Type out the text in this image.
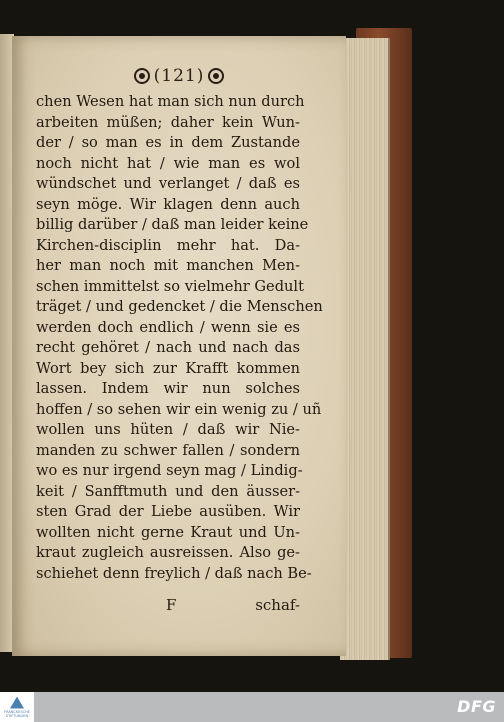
(121)
chen Wesen hat man sich nun durch
arbeiten müßen; daher kein Wun-
der / so man es in dem Zustande
noch nicht hat / wie man es wol
wündschet und verlanget / daß es
seyn möge. Wir klagen denn auch
billig darüber / daß man leider keine
Kirchen-disciplin mehr hat. Da-
her man noch mit manchen Men-
schen immittelst so vielmehr Gedult
träget / und gedencket / die Menschen
werden doch endlich / wenn sie es
recht gehöret / nach und nach das
Wort bey sich zur Krafft kommen
lassen. Indem wir nun solches
hoffen / so sehen wir ein wenig zu / uñ
wollen uns hüten / daß wir Nie-
manden zu schwer fallen / sondern
wo es nur irgend seyn mag / Lindig-
keit / Sanfftmuth und den äusser-
sten Grad der Liebe ausüben. Wir
wollten nicht gerne Kraut und Un-
kraut zugleich ausreissen. Also ge-
schiehet denn freylich / daß nach Be-
F	schaf-
FRANCKESCHE STIFTUNGEN	DFG
